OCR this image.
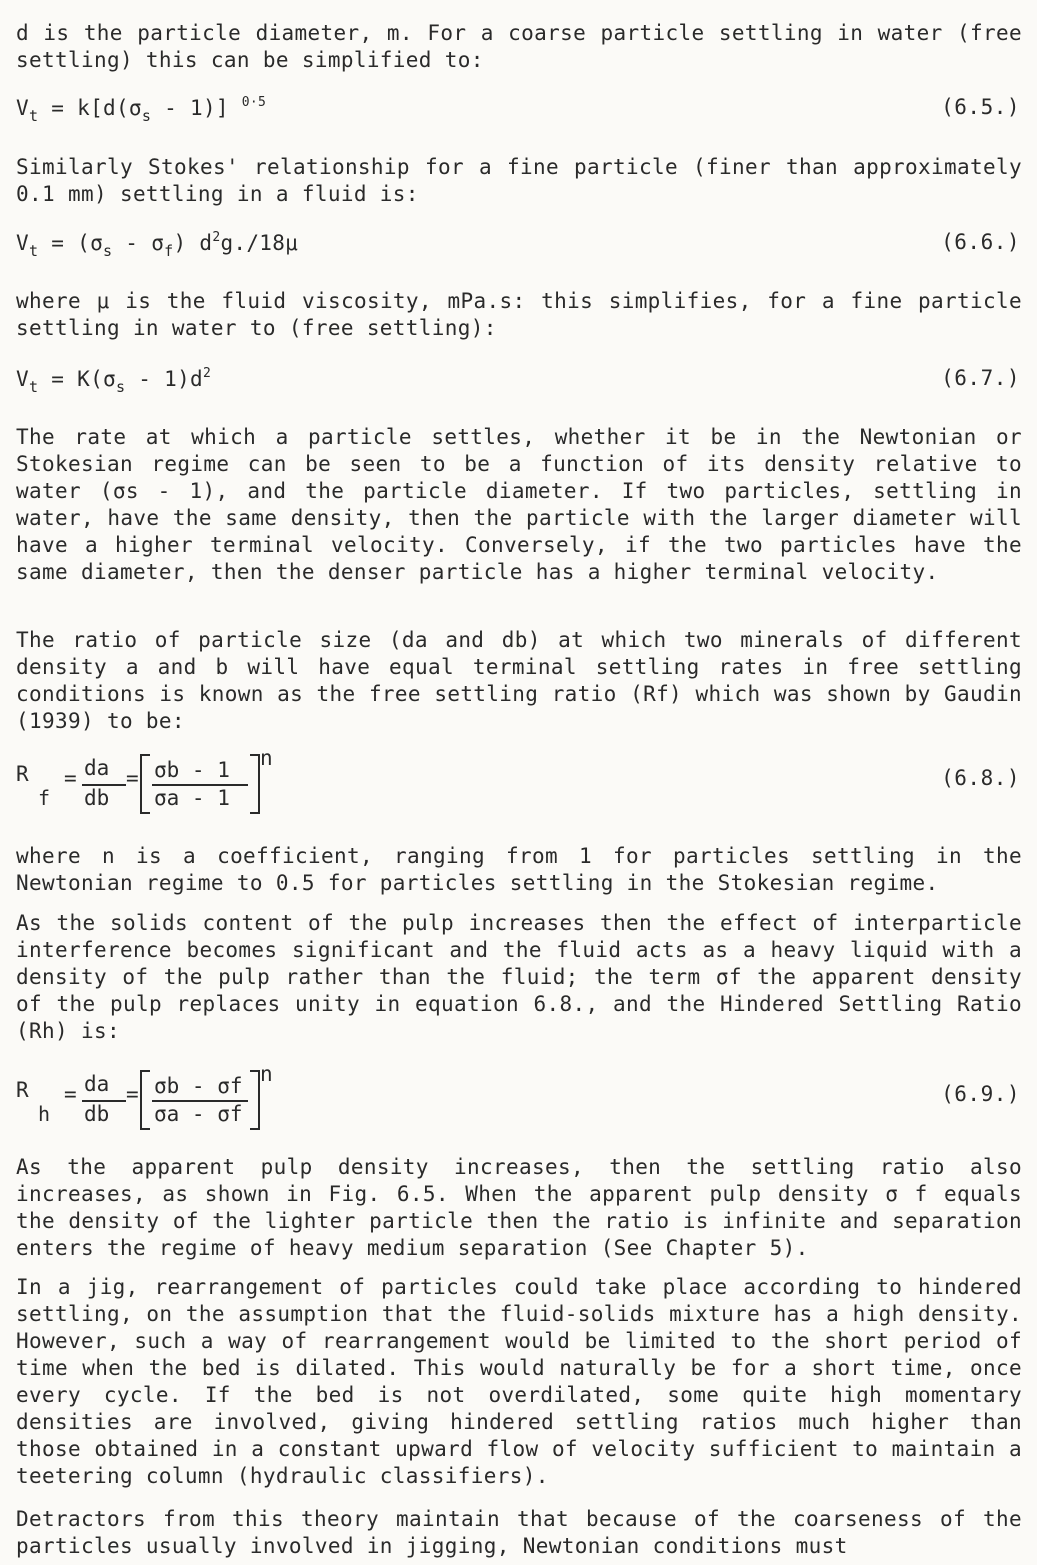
d is the particle diameter, m. For a coarse particle settling in water (free settling) this can be simplified to:

$V_t = k[d(\sigma_s - 1)]$ $^{0\cdot 5}$	(6.5.)

Similarly Stokes' relationship for a fine particle (finer than approximately 0.1 mm) settling in a fluid is:

$V_t = (\sigma_s - \sigma_f)$ $d^2g./18\mu$	(6.6.)

where μ is the fluid viscosity, mPa.s: this simplifies, for a fine particle settling in water to (free settling):

$V_t = K(\sigma_s - 1)d^2$	(6.7.)

The rate at which a particle settles, whether it be in the Newtonian or Stokesian regime can be seen to be a function of its density relative to water (σs - 1), and the particle diameter. If two particles, settling in water, have the same density, then the particle with the larger diameter will have a higher terminal velocity. Conversely, if the two particles have the same diameter, then the denser particle has a higher terminal velocity.

The ratio of particle size (da and db) at which two minerals of different density a and b will have equal terminal settling rates in free settling conditions is known as the free settling ratio (Rf) which was shown by Gaudin (1939) to be:

R
f
= da
db
= σb - 1
σa - 1
n
(6.8.)

where n is a coefficient, ranging from 1 for particles settling in the Newtonian regime to 0.5 for particles settling in the Stokesian regime.

As the solids content of the pulp increases then the effect of interparticle interference becomes significant and the fluid acts as a heavy liquid with a density of the pulp rather than the fluid; the term σf the apparent density of the pulp replaces unity in equation 6.8., and the Hindered Settling Ratio (Rh) is:

R
h
= da
db
= σb - σf
σa - σf
n
(6.9.)

As the apparent pulp density increases, then the settling ratio also increases, as shown in Fig. 6.5. When the apparent pulp density σ f equals the density of the lighter particle then the ratio is infinite and separation enters the regime of heavy medium separation (See Chapter 5).

In a jig, rearrangement of particles could take place according to hindered settling, on the assumption that the fluid-solids mixture has a high density. However, such a way of rearrangement would be limited to the short period of time when the bed is dilated. This would naturally be for a short time, once every cycle. If the bed is not overdilated, some quite high momentary densities are involved, giving hindered settling ratios much higher than those obtained in a constant upward flow of velocity sufficient to maintain a teetering column (hydraulic classifiers).

Detractors from this theory maintain that because of the coarseness of the particles usually involved in jigging, Newtonian conditions must
